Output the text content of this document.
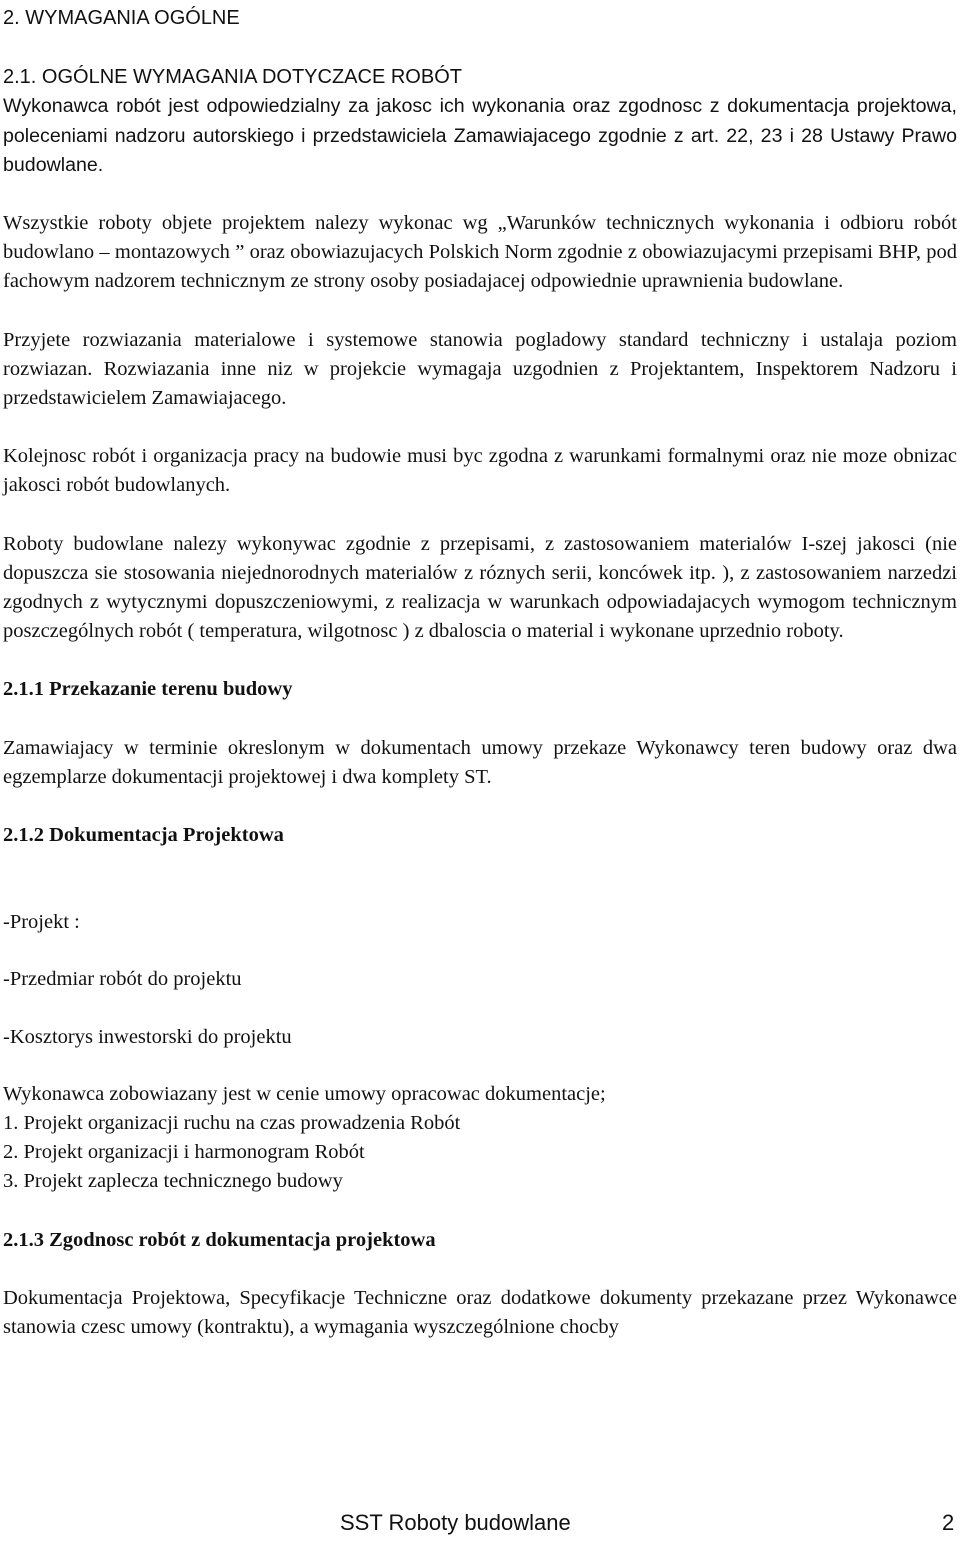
2. WYMAGANIA OGÓLNE
2.1. OGÓLNE WYMAGANIA DOTYCZACE ROBÓT
Wykonawca robót jest odpowiedzialny za jakosc ich wykonania oraz zgodnosc z dokumentacja projektowa, poleceniami nadzoru autorskiego i przedstawiciela Zamawiajacego zgodnie z art. 22, 23 i 28 Ustawy Prawo budowlane.
Wszystkie roboty objete projektem nalezy wykonac wg „Warunków technicznych wykonania i odbioru robót budowlano – montazowych ” oraz obowiazujacych Polskich Norm zgodnie z obowiazujacymi przepisami BHP, pod fachowym nadzorem technicznym ze strony osoby posiadajacej odpowiednie uprawnienia budowlane.
Przyjete rozwiazania materialowe i systemowe stanowia pogladowy standard techniczny i ustalaja poziom rozwiazan. Rozwiazania inne niz w projekcie wymagaja uzgodnien z Projektantem, Inspektorem Nadzoru i przedstawicielem Zamawiajacego.
Kolejnosc robót i organizacja pracy na budowie musi byc zgodna z warunkami formalnymi oraz nie moze obnizac jakosci robót budowlanych.
Roboty budowlane nalezy wykonywac zgodnie z przepisami, z zastosowaniem materialów I-szej jakosci (nie dopuszcza sie stosowania niejednorodnych materialów z róznych serii, koncówek itp. ), z zastosowaniem narzedzi zgodnych z wytycznymi dopuszczeniowymi, z realizacja w warunkach odpowiadajacych wymogom technicznym poszczególnych robót ( temperatura, wilgotnosc ) z dbaloscia o material i wykonane uprzednio roboty.
2.1.1 Przekazanie terenu budowy
Zamawiajacy w terminie okreslonym w dokumentach umowy przekaze Wykonawcy teren budowy oraz dwa egzemplarze dokumentacji projektowej i dwa komplety ST.
2.1.2 Dokumentacja Projektowa
-Projekt :
-Przedmiar robót do projektu
-Kosztorys inwestorski do projektu
Wykonawca zobowiazany jest w cenie umowy opracowac dokumentacje;
1. Projekt organizacji ruchu na czas prowadzenia Robót
2. Projekt organizacji i harmonogram Robót
3. Projekt zaplecza technicznego budowy
2.1.3 Zgodnosc robót z dokumentacja projektowa
Dokumentacja Projektowa, Specyfikacje Techniczne oraz dodatkowe dokumenty przekazane przez Wykonawce stanowia czesc umowy (kontraktu), a wymagania wyszczególnione chocby
SST Roboty budowlane	2
